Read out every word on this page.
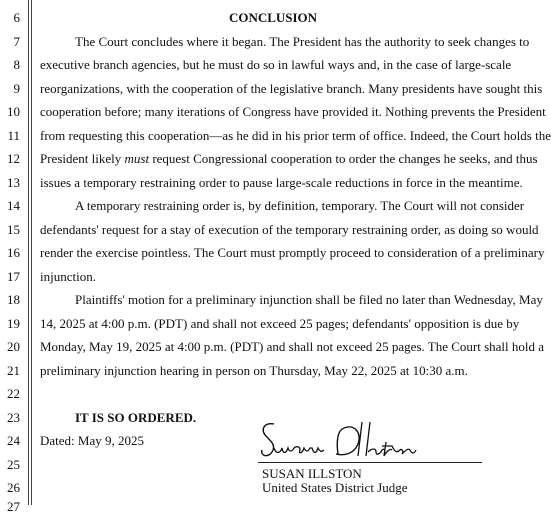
6
7
8
9
10
11
12
13
14
15
16
17
18
19
20
21
22
23
24
25
26
27
CONCLUSION
The Court concludes where it began. The President has the authority to seek changes to
executive branch agencies, but he must do so in lawful ways and, in the case of large-scale
reorganizations, with the cooperation of the legislative branch. Many presidents have sought this
cooperation before; many iterations of Congress have provided it. Nothing prevents the President
from requesting this cooperation—as he did in his prior term of office. Indeed, the Court holds the
President likely must request Congressional cooperation to order the changes he seeks, and thus
issues a temporary restraining order to pause large-scale reductions in force in the meantime.
A temporary restraining order is, by definition, temporary. The Court will not consider
defendants' request for a stay of execution of the temporary restraining order, as doing so would
render the exercise pointless. The Court must promptly proceed to consideration of a preliminary
injunction.
Plaintiffs' motion for a preliminary injunction shall be filed no later than Wednesday, May
14, 2025 at 4:00 p.m. (PDT) and shall not exceed 25 pages; defendants' opposition is due by
Monday, May 19, 2025 at 4:00 p.m. (PDT) and shall not exceed 25 pages. The Court shall hold a
preliminary injunction hearing in person on Thursday, May 22, 2025 at 10:30 a.m.
IT IS SO ORDERED.
Dated: May 9, 2025
SUSAN ILLSTON
United States District Judge
